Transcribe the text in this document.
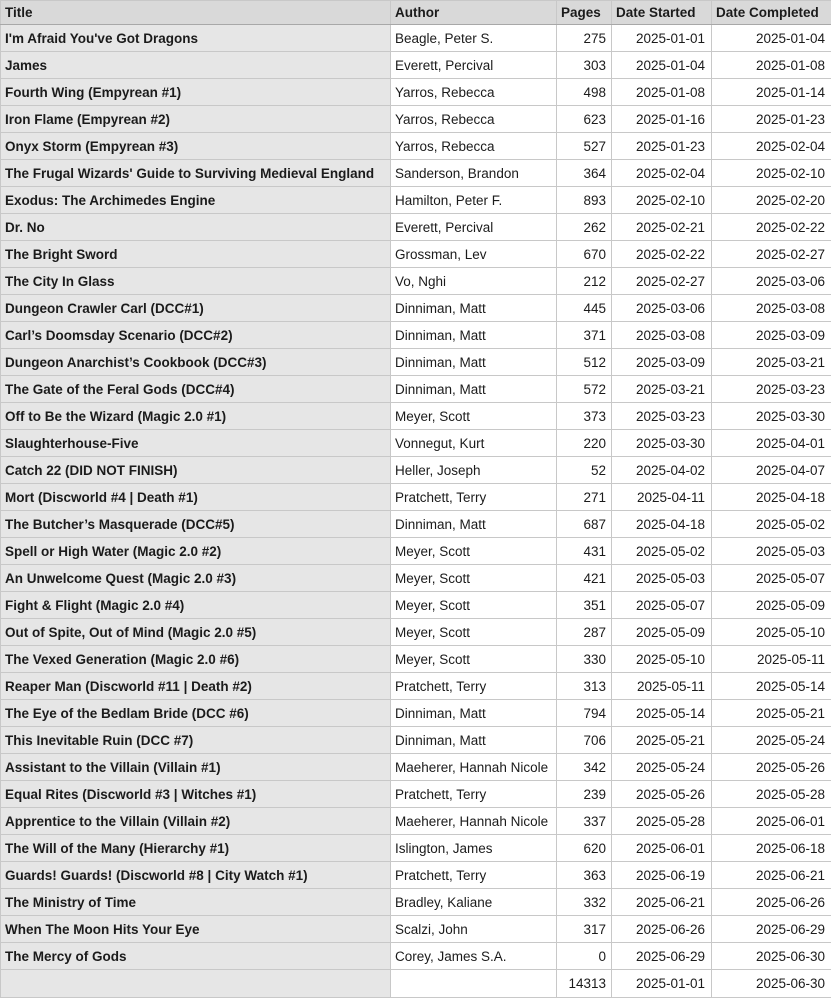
Title	Author	Pages	Date Started	Date Completed
I'm Afraid You've Got Dragons	Beagle, Peter S.	275	2025-01-01	2025-01-04
James	Everett, Percival	303	2025-01-04	2025-01-08
Fourth Wing (Empyrean #1)	Yarros, Rebecca	498	2025-01-08	2025-01-14
Iron Flame (Empyrean #2)	Yarros, Rebecca	623	2025-01-16	2025-01-23
Onyx Storm (Empyrean #3)	Yarros, Rebecca	527	2025-01-23	2025-02-04
The Frugal Wizards' Guide to Surviving Medieval England	Sanderson, Brandon	364	2025-02-04	2025-02-10
Exodus: The Archimedes Engine	Hamilton, Peter F.	893	2025-02-10	2025-02-20
Dr. No	Everett, Percival	262	2025-02-21	2025-02-22
The Bright Sword	Grossman, Lev	670	2025-02-22	2025-02-27
The City In Glass	Vo, Nghi	212	2025-02-27	2025-03-06
Dungeon Crawler Carl (DCC#1)	Dinniman, Matt	445	2025-03-06	2025-03-08
Carl’s Doomsday Scenario (DCC#2)	Dinniman, Matt	371	2025-03-08	2025-03-09
Dungeon Anarchist’s Cookbook (DCC#3)	Dinniman, Matt	512	2025-03-09	2025-03-21
The Gate of the Feral Gods (DCC#4)	Dinniman, Matt	572	2025-03-21	2025-03-23
Off to Be the Wizard (Magic 2.0 #1)	Meyer, Scott	373	2025-03-23	2025-03-30
Slaughterhouse-Five	Vonnegut, Kurt	220	2025-03-30	2025-04-01
Catch 22 (DID NOT FINISH)	Heller, Joseph	52	2025-04-02	2025-04-07
Mort (Discworld #4 | Death #1)	Pratchett, Terry	271	2025-04-11	2025-04-18
The Butcher’s Masquerade (DCC#5)	Dinniman, Matt	687	2025-04-18	2025-05-02
Spell or High Water (Magic 2.0 #2)	Meyer, Scott	431	2025-05-02	2025-05-03
An Unwelcome Quest (Magic 2.0 #3)	Meyer, Scott	421	2025-05-03	2025-05-07
Fight & Flight (Magic 2.0 #4)	Meyer, Scott	351	2025-05-07	2025-05-09
Out of Spite, Out of Mind (Magic 2.0 #5)	Meyer, Scott	287	2025-05-09	2025-05-10
The Vexed Generation (Magic 2.0 #6)	Meyer, Scott	330	2025-05-10	2025-05-11
Reaper Man (Discworld #11 | Death #2)	Pratchett, Terry	313	2025-05-11	2025-05-14
The Eye of the Bedlam Bride (DCC #6)	Dinniman, Matt	794	2025-05-14	2025-05-21
This Inevitable Ruin (DCC #7)	Dinniman, Matt	706	2025-05-21	2025-05-24
Assistant to the Villain (Villain #1)	Maeherer, Hannah Nicole	342	2025-05-24	2025-05-26
Equal Rites (Discworld #3 | Witches #1)	Pratchett, Terry	239	2025-05-26	2025-05-28
Apprentice to the Villain (Villain #2)	Maeherer, Hannah Nicole	337	2025-05-28	2025-06-01
The Will of the Many (Hierarchy #1)	Islington, James	620	2025-06-01	2025-06-18
Guards! Guards! (Discworld #8 | City Watch #1)	Pratchett, Terry	363	2025-06-19	2025-06-21
The Ministry of Time	Bradley, Kaliane	332	2025-06-21	2025-06-26
When The Moon Hits Your Eye	Scalzi, John	317	2025-06-26	2025-06-29
The Mercy of Gods	Corey, James S.A.	0	2025-06-29	2025-06-30
		14313	2025-01-01	2025-06-30
